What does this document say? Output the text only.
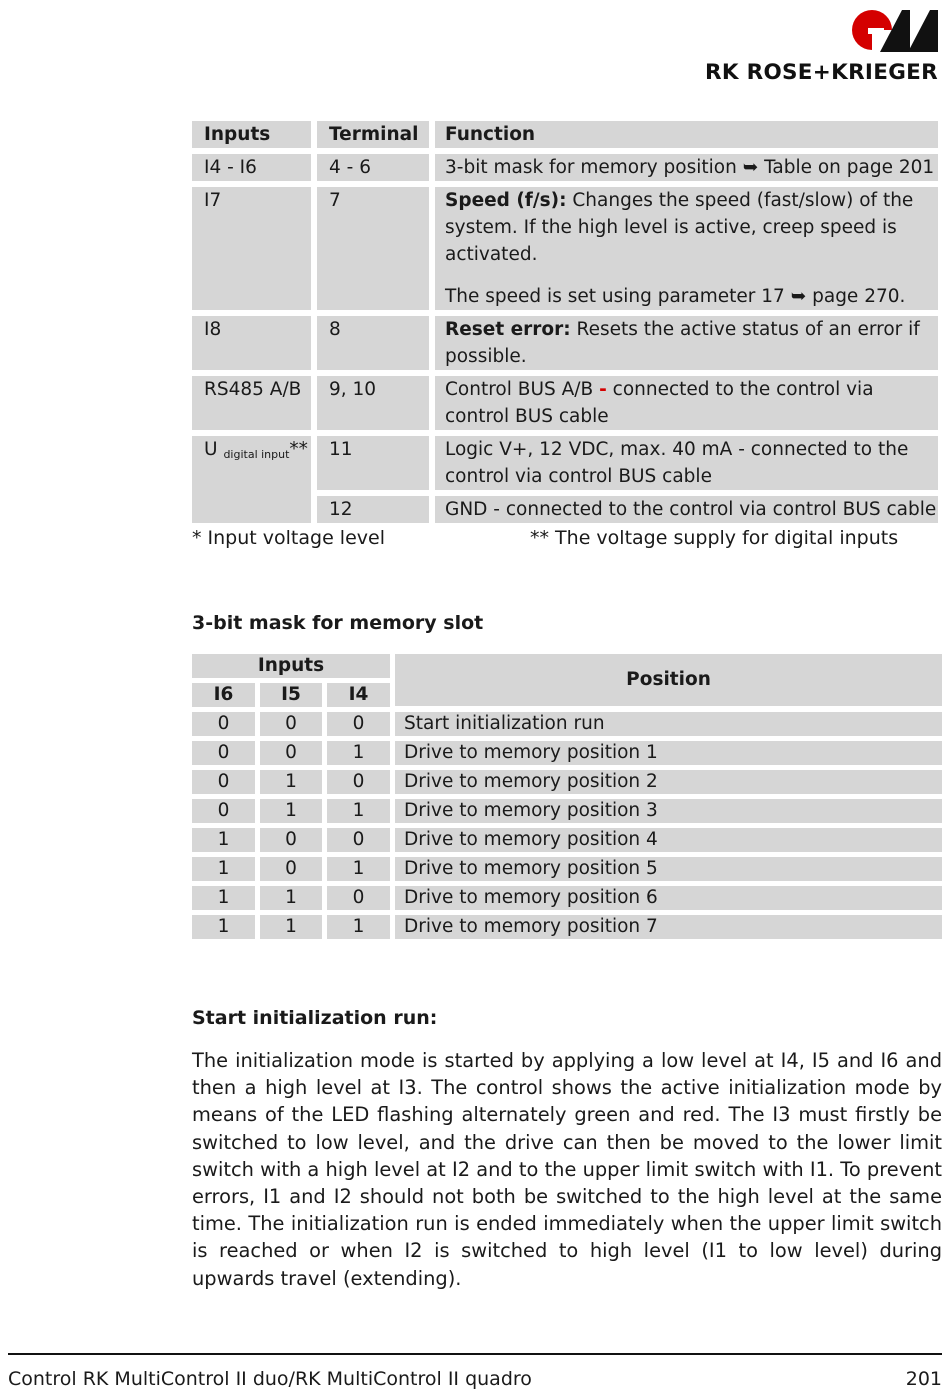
RK ROSE+KRIEGER
Inputs	Terminal	Function
I4 - I6	4 - 6	3-bit mask for memory position ➥ Table on page 201
I7	7	Speed (f/s): Changes the speed (fast/slow) of the system. If the high level is active, creep speed is activated.

The speed is set using parameter 17 ➥ page 270.

I8	8	Reset error: Resets the active status of an error if possible.
RS485 A/B	9, 10	Control BUS A/B - connected to the control via control BUS cable
U $_{digital input}$**	11	Logic V+, 12 VDC, max. 40 mA - connected to the control via control BUS cable
	12	GND - connected to the control via control BUS cable
* Input voltage level	** The voltage supply for digital inputs
3-bit mask for memory slot
Inputs			Position
I6	I5	I4	
0	0	0	Start initialization run
0	0	1	Drive to memory position 1
0	1	0	Drive to memory position 2
0	1	1	Drive to memory position 3
1	0	0	Drive to memory position 4
1	0	1	Drive to memory position 5
1	1	0	Drive to memory position 6
1	1	1	Drive to memory position 7
Start initialization run:
The initialization mode is started by applying a low level at I4, I5 and I6 and then a high level at I3. The control shows the active initialization mode by means of the LED flashing alternately green and red. The I3 must firstly be switched to low level, and the drive can then be moved to the lower limit switch with a high level at I2 and to the upper limit switch with I1. To prevent errors, I1 and I2 should not both be switched to the high level at the same time. The initialization run is ended immediately when the upper limit switch is reached or when I2 is switched to high level (I1 to low level) during upwards travel (extending).
Control RK MultiControl II duo/RK MultiControl II quadro	201
